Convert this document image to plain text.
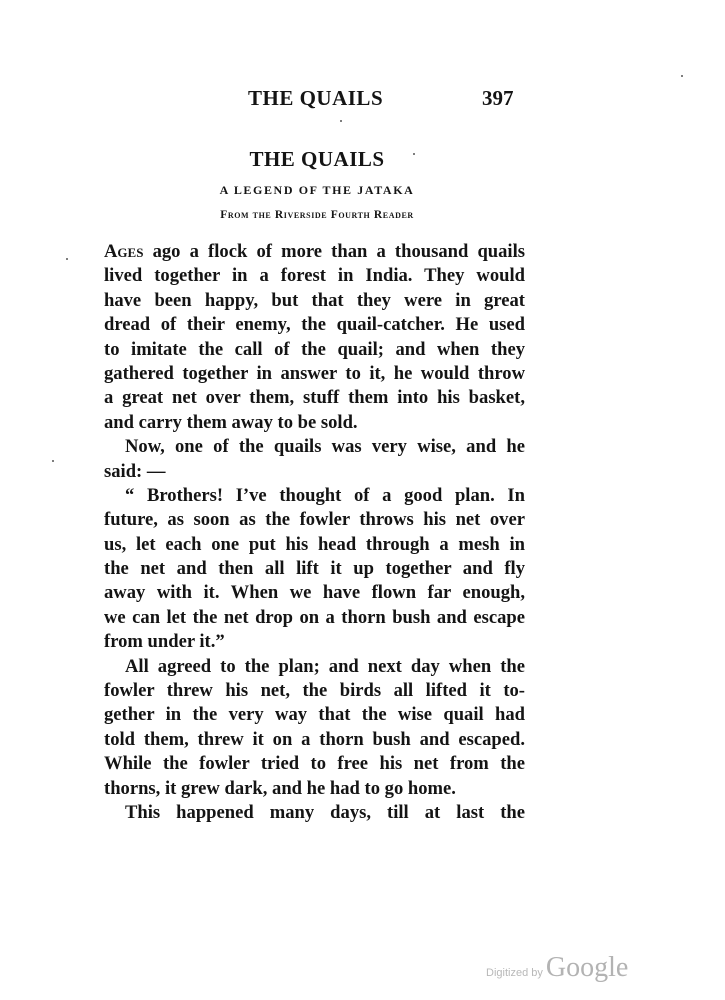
THE QUAILS	397
THE QUAILS
A LEGEND OF THE JATAKA
From the Riverside Fourth Reader
Ages ago a flock of more than a thousand quails
lived together in a forest in India. They would
have been happy, but that they were in great
dread of their enemy, the quail-catcher. He used
to imitate the call of the quail; and when they
gathered together in answer to it, he would throw
a great net over them, stuff them into his basket,
and carry them away to be sold.
Now, one of the quails was very wise, and he
said: —
“ Brothers! I’ve thought of a good plan. In
future, as soon as the fowler throws his net over
us, let each one put his head through a mesh in
the net and then all lift it up together and fly
away with it. When we have flown far enough,
we can let the net drop on a thorn bush and escape
from under it.”
All agreed to the plan; and next day when the
fowler threw his net, the birds all lifted it to-
gether in the very way that the wise quail had
told them, threw it on a thorn bush and escaped.
While the fowler tried to free his net from the
thorns, it grew dark, and he had to go home.
This happened many days, till at last the
Digitized by Google
